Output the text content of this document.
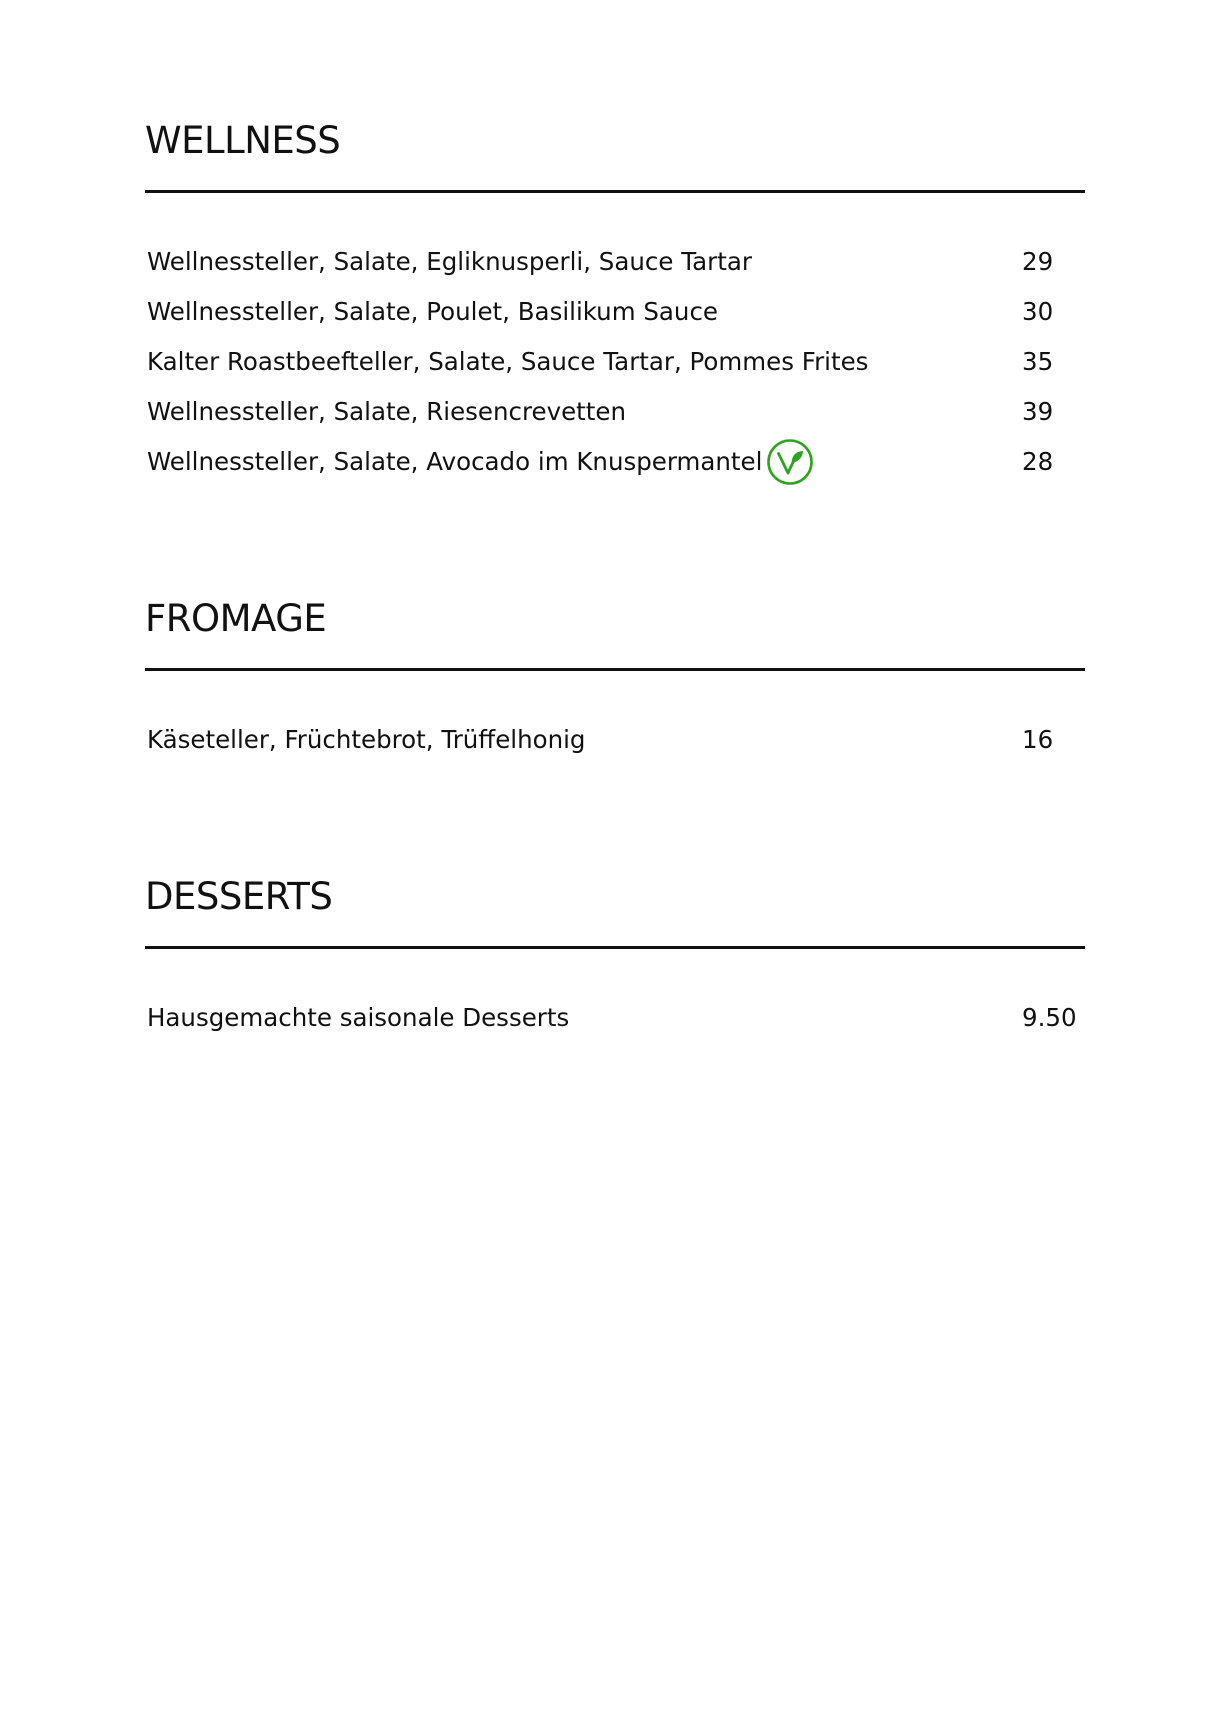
WELLNESS
Wellnessteller, Salate, Egliknusperli, Sauce Tartar	29
Wellnessteller, Salate, Poulet, Basilikum Sauce	30
Kalter Roastbeefteller, Salate, Sauce Tartar, Pommes Frites	35
Wellnessteller, Salate, Riesencrevetten	39
Wellnessteller, Salate, Avocado im Knuspermantel	28
FROMAGE
Käseteller, Früchtebrot, Trüffelhonig	16
DESSERTS
Hausgemachte saisonale Desserts	9.50
